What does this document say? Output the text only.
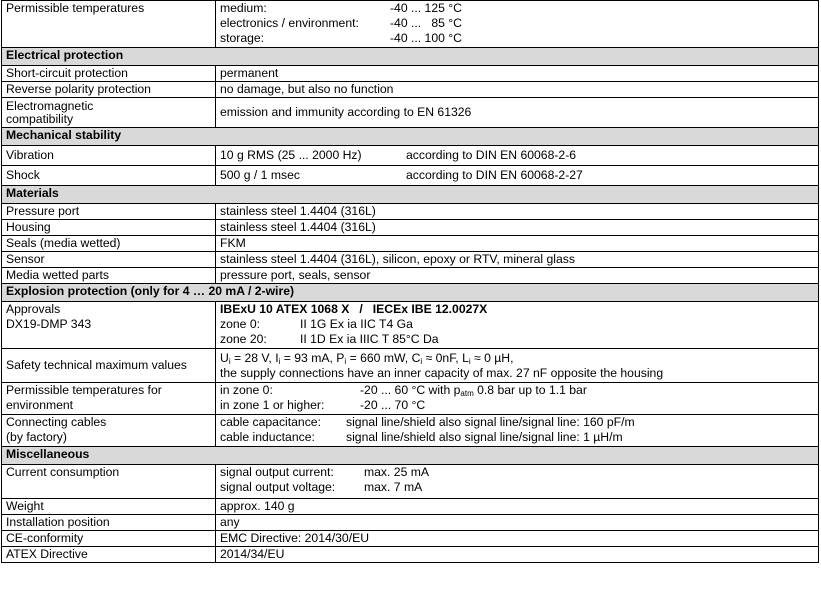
Permissible temperatures	medium: -40 ... 125 °C
electronics / environment: -40 ...   85 °C
storage: -40 ... 100 °C

Electrical protection	
Short-circuit protection	permanent
Reverse polarity protection	no damage, but also no function

Electromagnetic
compatibility	emission and immunity according to EN 61326
Mechanical stability	
Vibration	10 g RMS (25 ... 2000 Hz) according to DIN EN 60068-2-6
Shock	500 g / 1 msec according to DIN EN 60068-2-27
Materials	
Pressure port	stainless steel 1.4404 (316L)
Housing	stainless steel 1.4404 (316L)
Seals (media wetted)	FKM
Sensor	stainless steel 1.4404 (316L), silicon, epoxy or RTV, mineral glass
Media wetted parts	pressure port, seals, sensor
Explosion protection (only for 4 … 20 mA / 2-wire)	

Approvals
DX19-DMP 343	IBExU 10 ATEX 1068 X / IECEx IBE 12.0027X
zone 0: II 1G Ex ia IIC T4 Ga
zone 20: II 1D Ex ia IIIC T 85°C Da

Safety technical maximum values	$U_i = 28$ V, $I_i = 93$ mA, $P_i = 660$ mW, $C_i \approx 0nF$, $L_i \approx 0$ µH,
the supply connections have an inner capacity of max. 27 nF opposite the housing

Permissible temperatures for
environment	in zone 0: -20 ... 60 °C with $p_{atm}$ 0.8 bar up to 1.1 bar
in zone 1 or higher: -20 ... 70 °C

Connecting cables
(by factory)	cable capacitance: signal line/shield also signal line/signal line: 160 pF/m
cable inductance: signal line/shield also signal line/signal line: 1 µH/m

Miscellaneous	
Current consumption	signal output current: max. 25 mA
signal output voltage: max. 7 mA

Weight	approx. 140 g
Installation position	any
CE-conformity	EMC Directive: 2014/30/EU
ATEX Directive	2014/34/EU
